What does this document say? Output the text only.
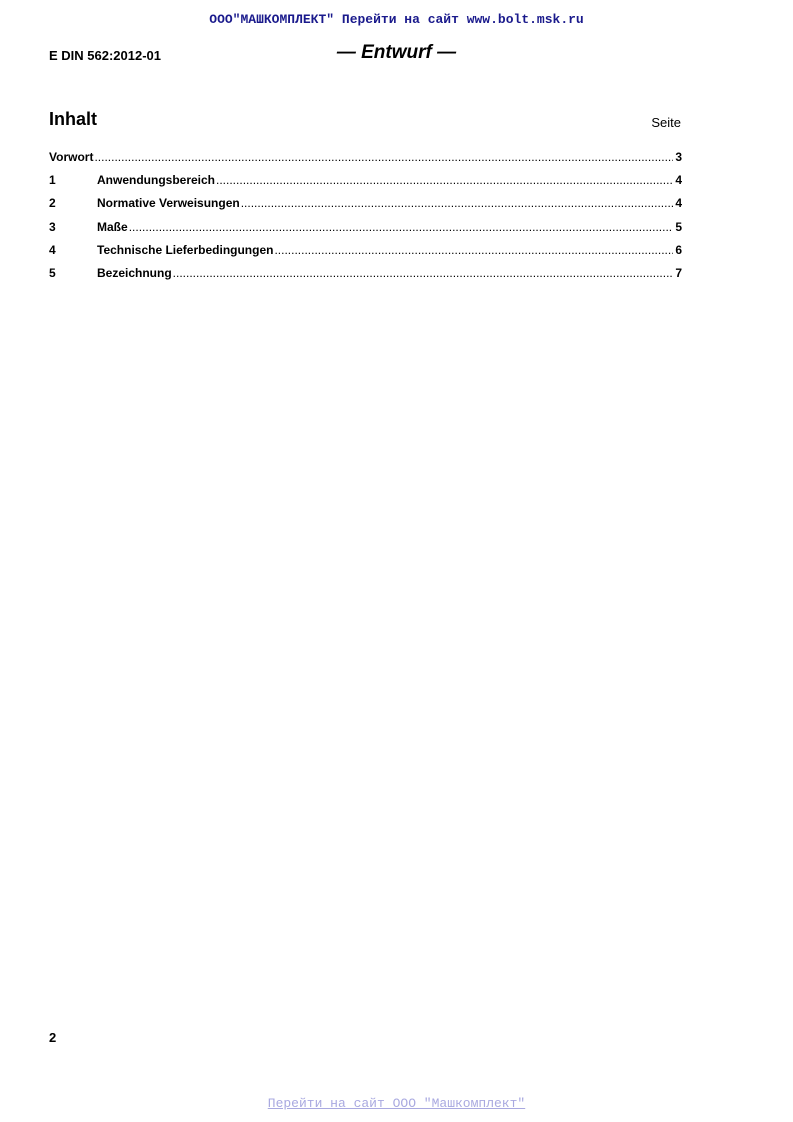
ООО"МАШКОМПЛЕКТ" Перейти на сайт www.bolt.msk.ru
E DIN 562:2012-01	— Entwurf —
Inhalt	Seite
Vorwort .....	3
1	Anwendungsbereich .....	4
2	Normative Verweisungen .....	4
3	Maße .....	5
4	Technische Lieferbedingungen .....	6
5	Bezeichnung .....	7
2
Перейти на сайт ООО "Машкомплект"
